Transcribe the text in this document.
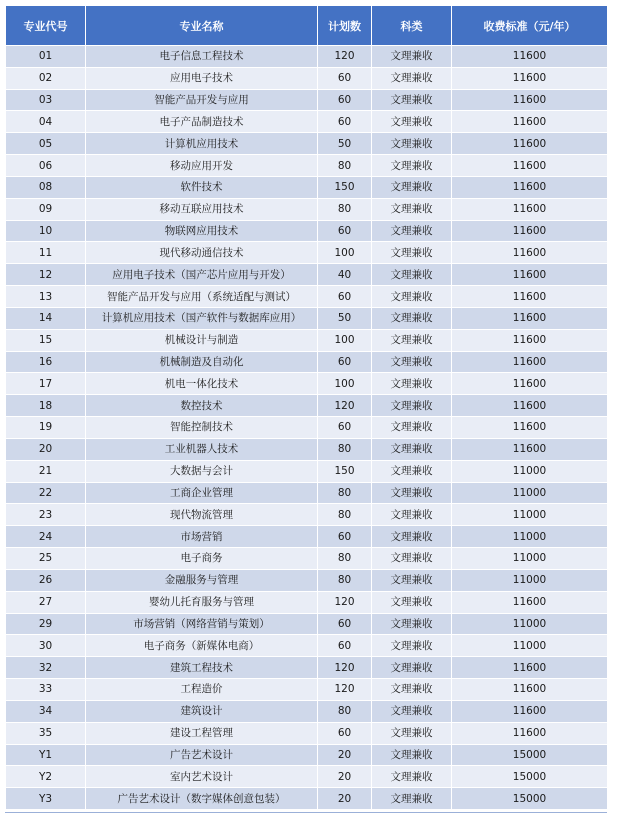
专业代号	专业名称	计划数	科类	收费标准（元/年）
01	电子信息工程技术	120	文理兼收	11600
02	应用电子技术	60	文理兼收	11600
03	智能产品开发与应用	60	文理兼收	11600
04	电子产品制造技术	60	文理兼收	11600
05	计算机应用技术	50	文理兼收	11600
06	移动应用开发	80	文理兼收	11600
08	软件技术	150	文理兼收	11600
09	移动互联应用技术	80	文理兼收	11600
10	物联网应用技术	60	文理兼收	11600
11	现代移动通信技术	100	文理兼收	11600
12	应用电子技术（国产芯片应用与开发）	40	文理兼收	11600
13	智能产品开发与应用（系统适配与测试）	60	文理兼收	11600
14	计算机应用技术（国产软件与数据库应用）	50	文理兼收	11600
15	机械设计与制造	100	文理兼收	11600
16	机械制造及自动化	60	文理兼收	11600
17	机电一体化技术	100	文理兼收	11600
18	数控技术	120	文理兼收	11600
19	智能控制技术	60	文理兼收	11600
20	工业机器人技术	80	文理兼收	11600
21	大数据与会计	150	文理兼收	11000
22	工商企业管理	80	文理兼收	11000
23	现代物流管理	80	文理兼收	11000
24	市场营销	60	文理兼收	11000
25	电子商务	80	文理兼收	11000
26	金融服务与管理	80	文理兼收	11000
27	婴幼儿托育服务与管理	120	文理兼收	11600
29	市场营销（网络营销与策划）	60	文理兼收	11000
30	电子商务（新媒体电商）	60	文理兼收	11000
32	建筑工程技术	120	文理兼收	11600
33	工程造价	120	文理兼收	11600
34	建筑设计	80	文理兼收	11600
35	建设工程管理	60	文理兼收	11600
Y1	广告艺术设计	20	文理兼收	15000
Y2	室内艺术设计	20	文理兼收	15000
Y3	广告艺术设计（数字媒体创意包装）	20	文理兼收	15000
